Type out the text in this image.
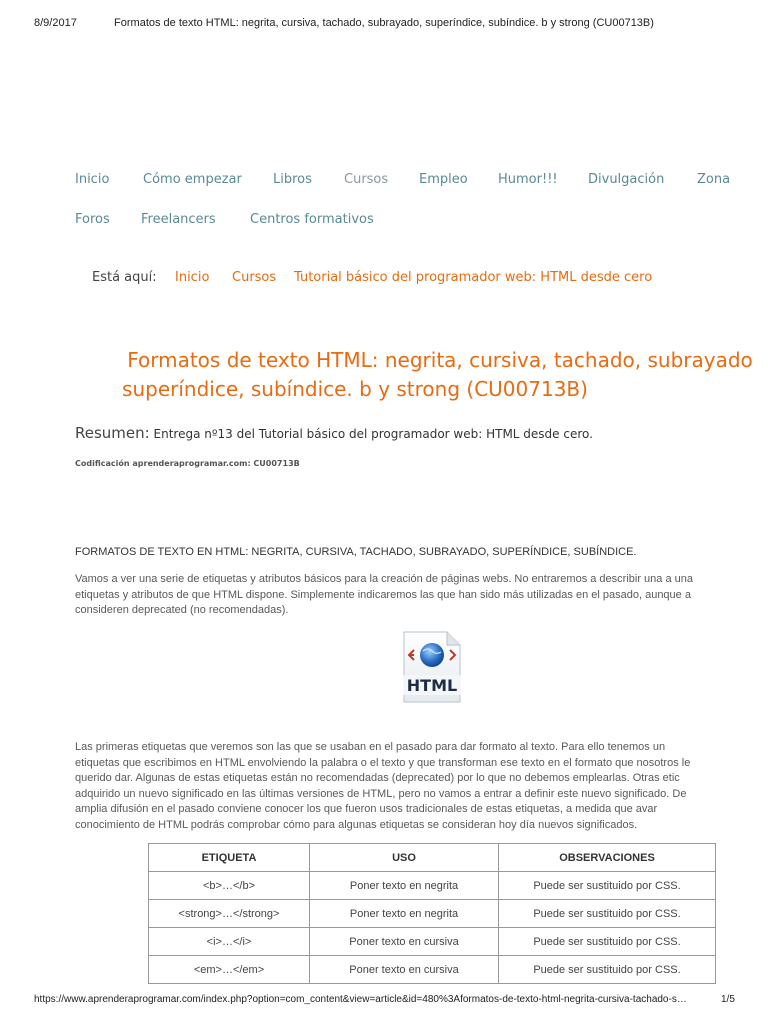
8/9/2017	Formatos de texto HTML: negrita, cursiva, tachado, subrayado, superíndice, subíndice. b y strong (CU00713B)
Inicio	Cómo empezar Libros Cursos Empleo Humor!!! Divulgación	Zona
Foros Freelancers	Centros formativos
Está aquí: Inicio Cursos Tutorial básico del programador web: HTML desde cero
Formatos de texto HTML: negrita, cursiva, tachado, subrayado
superíndice, subíndice. b y strong (CU00713B)
Resumen: Entrega nº13 del Tutorial básico del programador web: HTML desde cero.
Codificación aprenderaprogramar.com: CU00713B
FORMATOS DE TEXTO EN HTML: NEGRITA, CURSIVA, TACHADO, SUBRAYADO, SUPERÍNDICE, SUBÍNDICE.
Vamos a ver una serie de etiquetas y atributos básicos para la creación de páginas webs. No entraremos a describir una a una
etiquetas y atributos de que HTML dispone. Simplemente indicaremos las que han sido más utilizadas en el pasado, aunque a
consideren deprecated (no recomendadas).
HTML
Las primeras etiquetas que veremos son las que se usaban en el pasado para dar formato al texto. Para ello tenemos un
etiquetas que escribimos en HTML envolviendo la palabra o el texto y que transforman ese texto en el formato que nosotros le
querido dar. Algunas de estas etiquetas están no recomendadas (deprecated) por lo que no debemos emplearlas. Otras etic
adquirido un nuevo significado en las últimas versiones de HTML, pero no vamos a entrar a definir este nuevo significado. De
amplia difusión en el pasado conviene conocer los que fueron usos tradicionales de estas etiquetas, a medida que avar
conocimiento de HTML podrás comprobar cómo para algunas etiquetas se consideran hoy día nuevos significados.
ETIQUETA	USO	OBSERVACIONES
<b>…</b>	Poner texto en negrita	Puede ser sustituido por CSS.
<strong>…</strong>	Poner texto en negrita	Puede ser sustituido por CSS.
<i>…</i>	Poner texto en cursiva	Puede ser sustituido por CSS.
<em>…</em>	Poner texto en cursiva	Puede ser sustituido por CSS.
https://www.aprenderaprogramar.com/index.php?option=com_content&view=article&id=480%3Aformatos-de-texto-html-negrita-cursiva-tachado-s…	1/5
